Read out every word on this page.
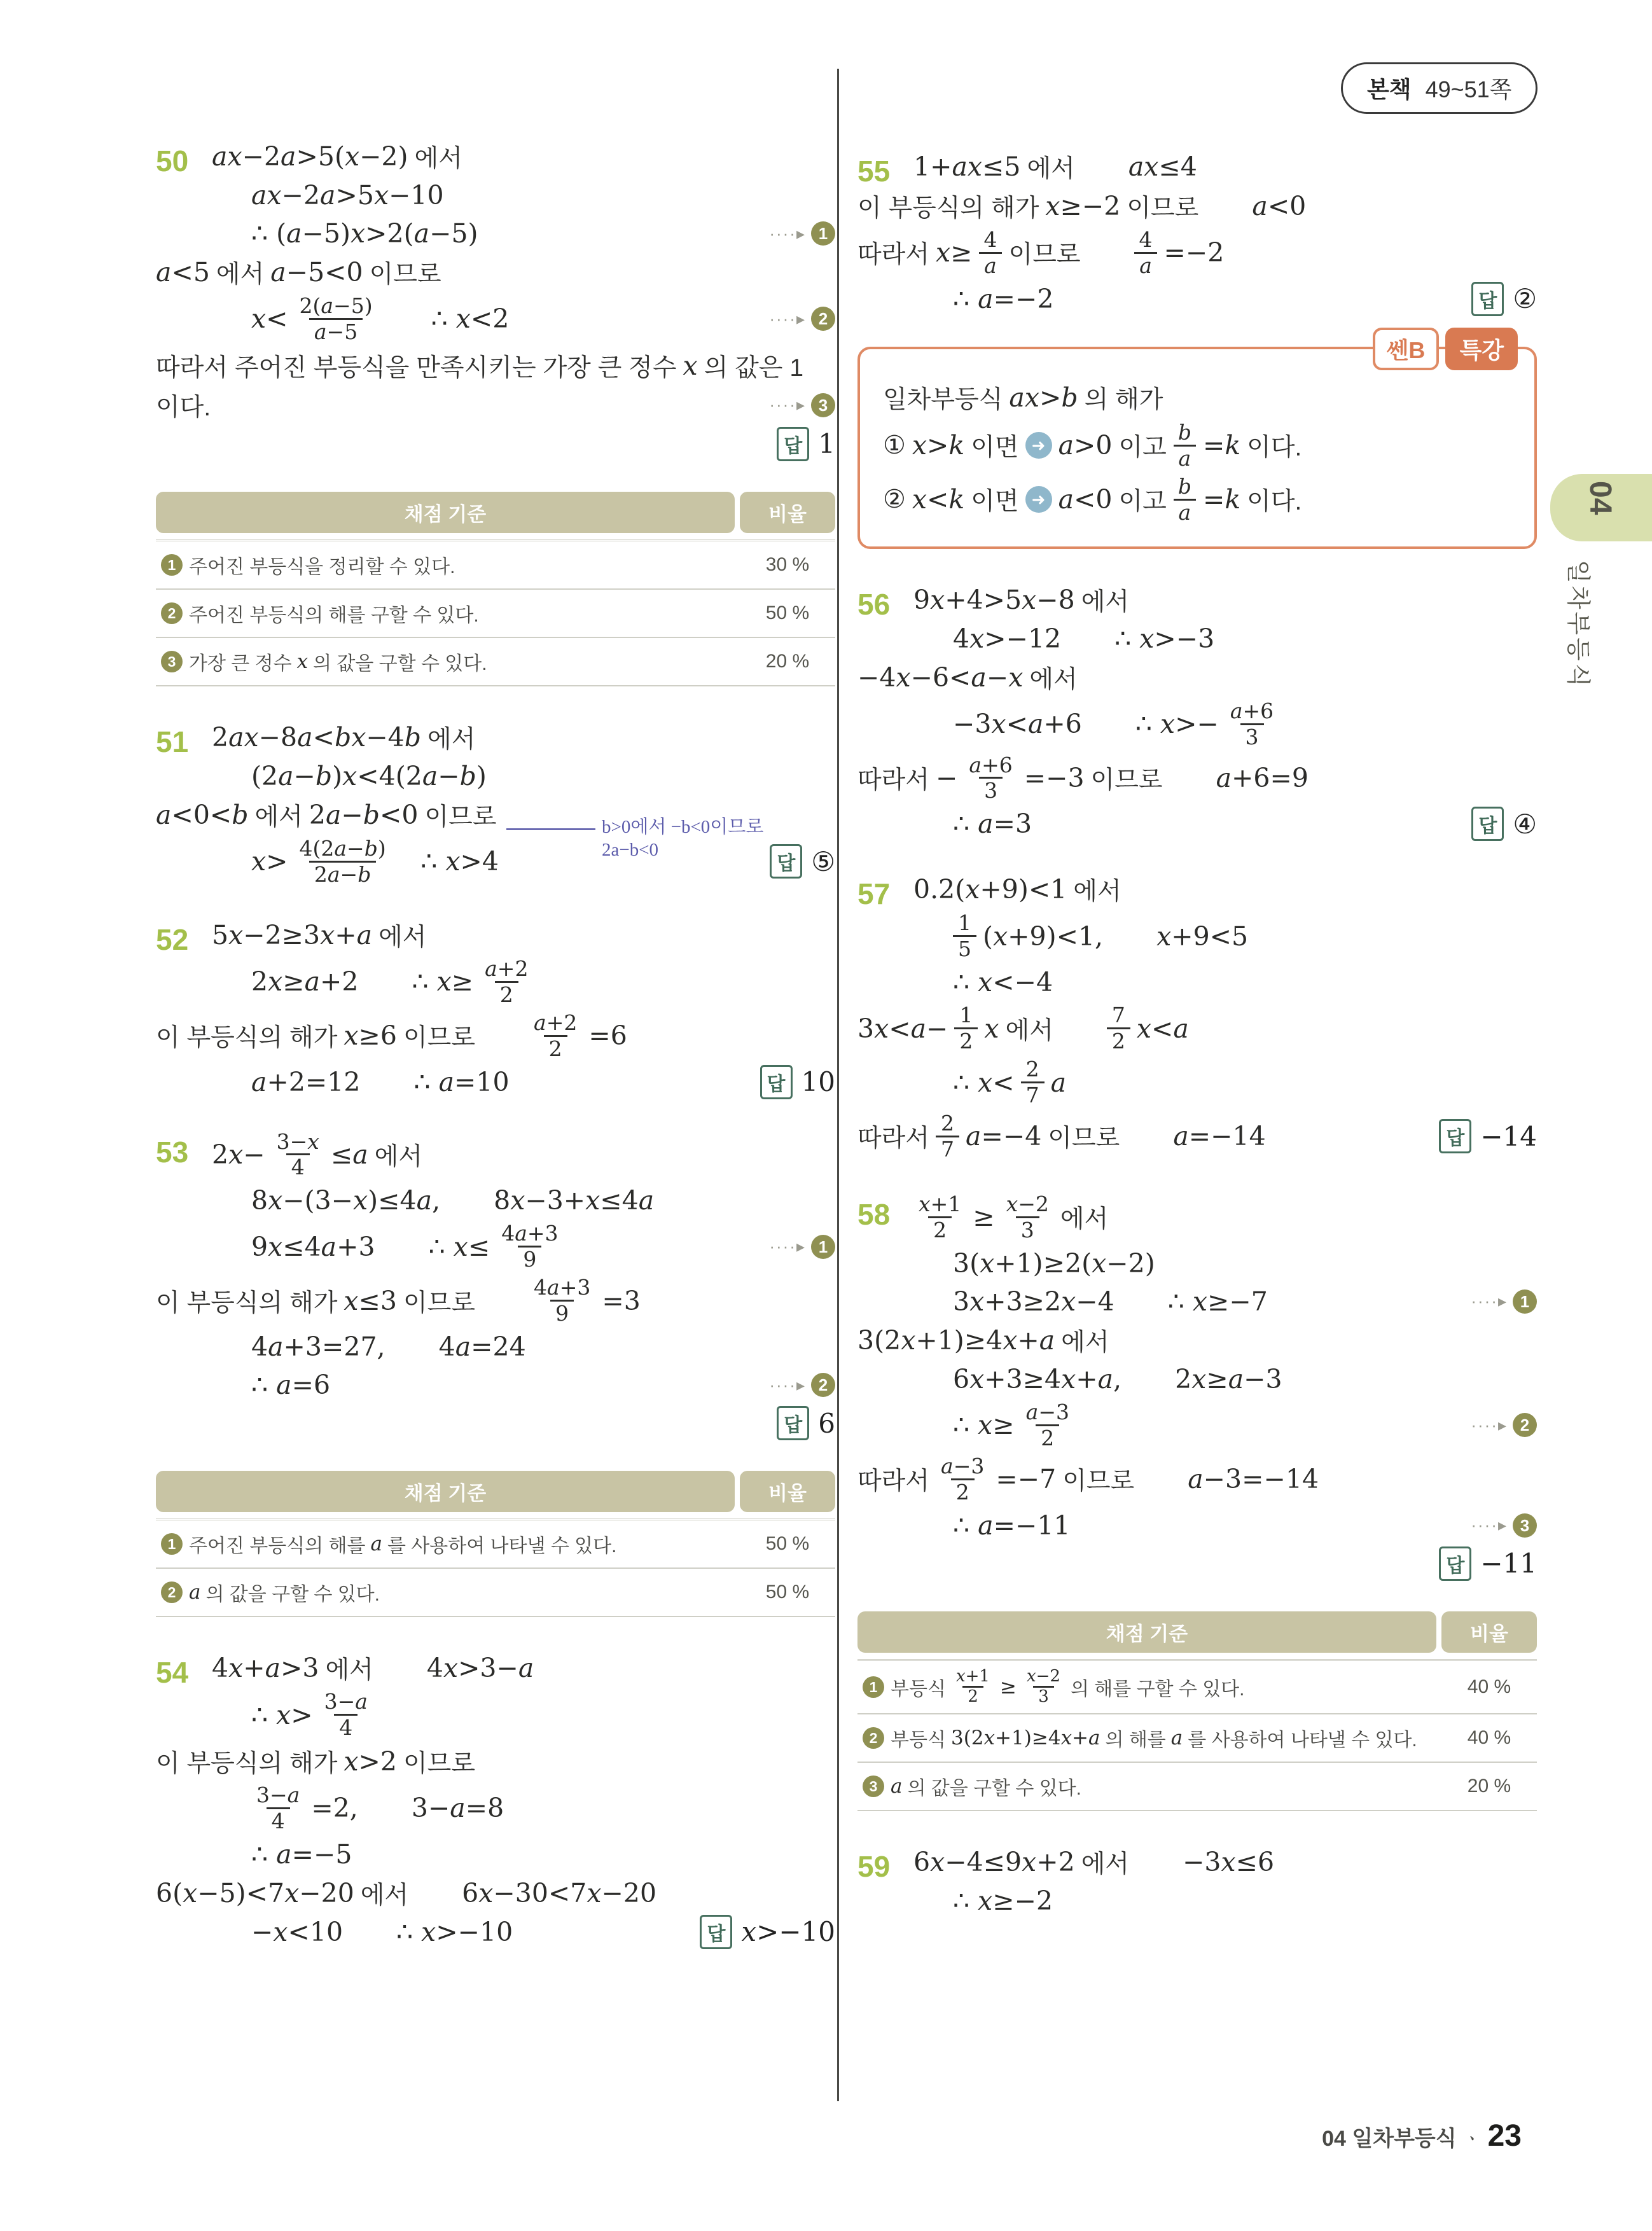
본책 49~51쪽
04
일차부등식
50 ax−2a>5(x−2) 에서
ax−2a>5x−10
∴ (a−5)x>2(a−5)	····▸ 1
a<5 에서 a−5<0 이므로
$x< \frac{2(a-5)}{a-5}$ ∴ x<2	····▸ 2
따라서 주어진 부등식을 만족시키는 가장 큰 정수 x 의 값은 1
이다.	····▸ 3
답 1
채점 기준	비율
1 주어진 부등식을 정리할 수 있다.	30 %
2 주어진 부등식의 해를 구할 수 있다.	50 %
3 가장 큰 정수 x 의 값을 구할 수 있다.	20 %
51 2ax−8a<bx−4b 에서
(2a−b)x<4(2a−b)
a<0<b 에서 2a−b<0 이므로
$x> \frac{4(2a-b)}{2a-b}$ ∴ x>4
b>0에서 −b<0이므로
2a−b<0
답 ⑤
52 5x−2≥3x+a 에서
2x≥a+2 ∴ $x\ge \frac{a+2}{2}$
이 부등식의 해가 x≥6 이므로	$\frac{a+2}{2} =6$
a+2=12 ∴ a=10	답 10
53 $2x- \frac{3-x}{4} \le a$ 에서
8x−(3−x)≤4a, 8x−3+x≤4a
9x≤4a+3 ∴ $x\le \frac{4a+3}{9}$	····▸ 1
이 부등식의 해가 x≤3 이므로	$\frac{4a+3}{9} =3$
4a+3=27, 4a=24
∴ a=6	····▸ 2
답 6
채점 기준	비율
1 주어진 부등식의 해를 a 를 사용하여 나타낼 수 있다.	50 %
2 a 의 값을 구할 수 있다.	50 %
54 4x+a>3 에서 4x>3−a
∴ $x> \frac{3-a}{4}$
이 부등식의 해가 x>2 이므로
$\frac{3-a}{4} =2$, 3−a=8
∴ a=−5
6(x−5)<7x−20 에서 6x−30<7x−20
−x<10 ∴ x>−10	답 x>−10
55 1+ax≤5 에서 ax≤4
이 부등식의 해가 x≥−2 이므로 a<0
따라서 $x\ge \frac{4}{a}$ 이므로	$\frac{4}{a} =-2$
∴ a=−2	답 ②
쎈B	특강
일차부등식 ax>b 의 해가
① x>k 이면 ➜ a>0 이고 $\frac{b}{a} =k$ 이다.
② x<k 이면 ➜ a<0 이고 $\frac{b}{a} =k$ 이다.
56 9x+4>5x−8 에서
4x>−12 ∴ x>−3
−4x−6<a−x 에서
−3x<a+6 ∴ $x>- \frac{a+6}{3}$
따라서 − $\frac{a+6}{3} =-3$ 이므로 a+6=9
∴ a=3	답 ④
57 0.2(x+9)<1 에서
$\frac{1}{5} (x+9)<1$, x+9<5
∴ x<−4
$3x<a- \frac{1}{2}$ x 에서	$\frac{7}{2} x<a$
∴ $x< \frac{2}{7}$ a
따라서 $\frac{2}{7} a=-4$ 이므로 a=−14	답 −14
$58 \frac{x+1}{2} \ge \frac{x-2}{3}$ 에서
3(x+1)≥2(x−2)
3x+3≥2x−4 ∴ x≥−7	····▸ 1
3(2x+1)≥4x+a 에서
6x+3≥4x+a, 2x≥a−3
∴ $x\ge \frac{a-3}{2}$	····▸ 2
따라서 $\frac{a-3}{2} =-7$ 이므로 a−3=−14
∴ a=−11	····▸ 3
답 −11
채점 기준	비율
1 부등식 $\frac{x+1}{2} \ge \frac{x-2}{3}$ 의 해를 구할 수 있다.	40 %
2 부등식 3(2x+1)≥4x+a 의 해를 a 를 사용하여 나타낼 수 있다.	40 %
3 a 의 값을 구할 수 있다.	20 %
59 6x−4≤9x+2 에서 −3x≤6
∴ x≥−2
04 일차부등식 ㆍ 23
